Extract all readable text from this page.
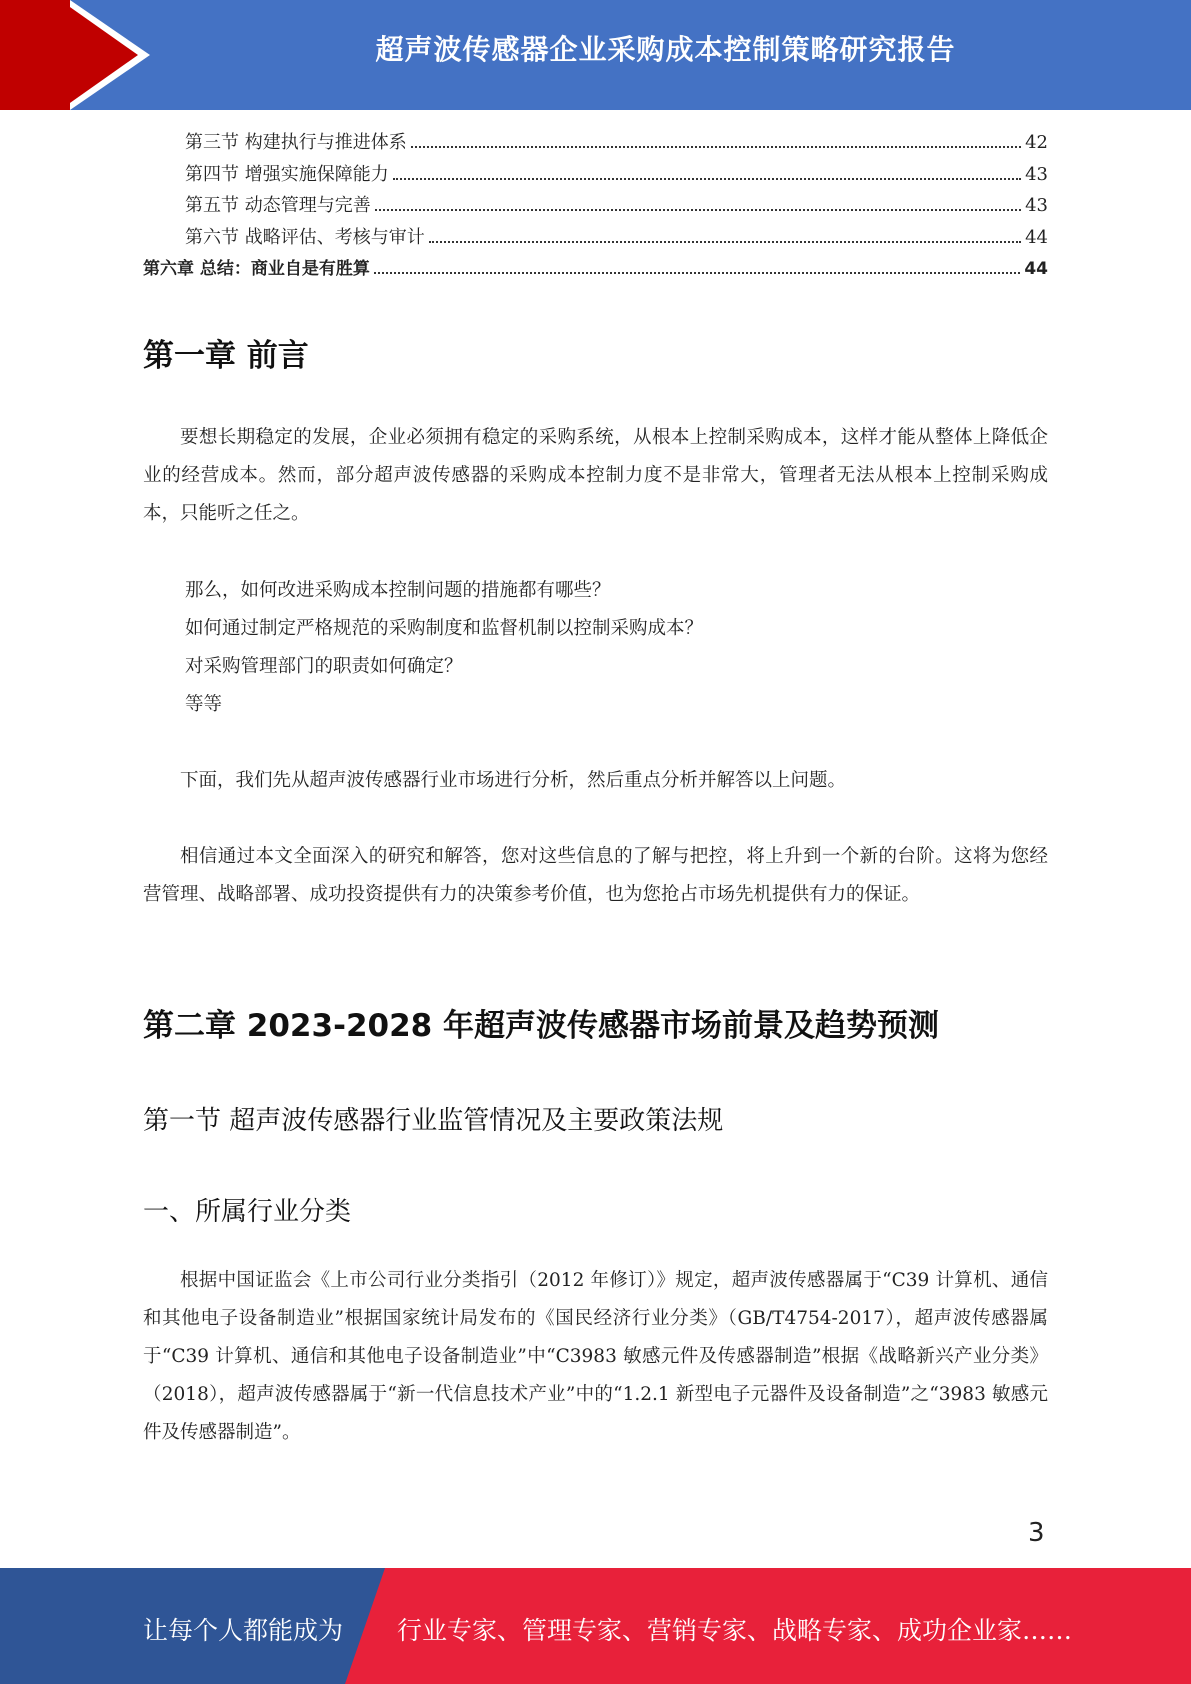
超声波传感器企业采购成本控制策略研究报告
第三节 构建执行与推进体系	42
第四节 增强实施保障能力	43
第五节 动态管理与完善	43
第六节 战略评估、考核与审计	44
第六章 总结：商业自是有胜算	44
第一章 前言

要想长期稳定的发展，企业必须拥有稳定的采购系统，从根本上控制采购成本，这样才能从整体上降低企业的经营成本。然而，部分超声波传感器的采购成本控制力度不是非常大，管理者无法从根本上控制采购成本，只能听之任之。

那么，如何改进采购成本控制问题的措施都有哪些？

如何通过制定严格规范的采购制度和监督机制以控制采购成本？

对采购管理部门的职责如何确定？

等等

下面，我们先从超声波传感器行业市场进行分析，然后重点分析并解答以上问题。

相信通过本文全面深入的研究和解答，您对这些信息的了解与把控，将上升到一个新的台阶。这将为您经营管理、战略部署、成功投资提供有力的决策参考价值，也为您抢占市场先机提供有力的保证。

第二章 2023-2028 年超声波传感器市场前景及趋势预测
第一节 超声波传感器行业监管情况及主要政策法规
一、所属行业分类

根据中国证监会《上市公司行业分类指引（2012 年修订）》规定，超声波传感器属于“C39 计算机、通信和其他电子设备制造业”根据国家统计局发布的《国民经济行业分类》（GB/T4754-2017），超声波传感器属于“C39 计算机、通信和其他电子设备制造业”中“C3983 敏感元件及传感器制造”根据《战略新兴产业分类》（2018），超声波传感器属于“新一代信息技术产业”中的“1.2.1 新型电子元器件及设备制造”之“3983 敏感元件及传感器制造”。

3
让每个人都能成为 行业专家、管理专家、营销专家、战略专家、成功企业家……
